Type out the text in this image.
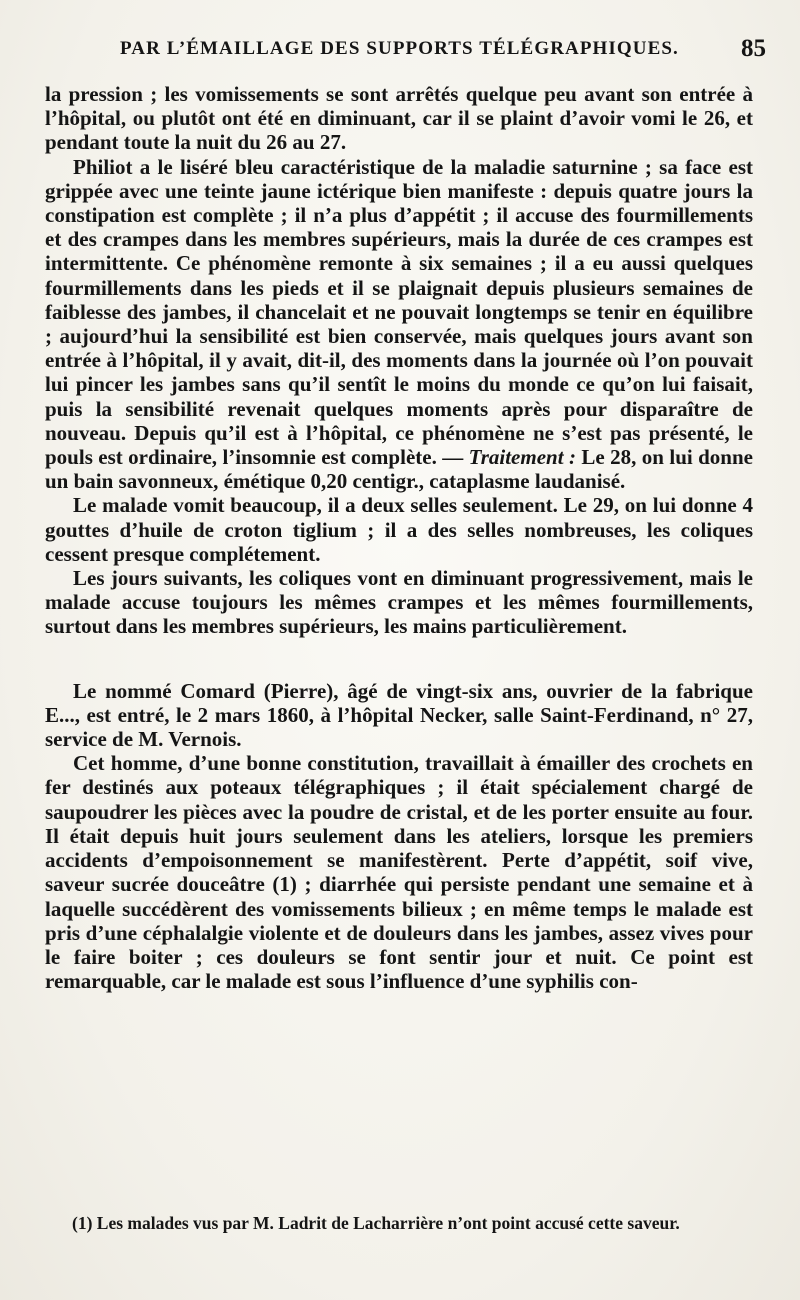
PAR L’ÉMAILLAGE DES SUPPORTS TÉLÉGRAPHIQUES. 85

la pression ; les vomissements se sont arrêtés quelque peu avant son entrée à l’hôpital, ou plutôt ont été en diminuant, car il se plaint d’avoir vomi le 26, et pendant toute la nuit du 26 au 27.

Philiot a le liséré bleu caractéristique de la maladie saturnine ; sa face est grippée avec une teinte jaune ictérique bien manifeste : depuis quatre jours la constipation est complète ; il n’a plus d’appétit ; il accuse des fourmillements et des crampes dans les membres supérieurs, mais la durée de ces crampes est intermittente. Ce phénomène remonte à six semaines ; il a eu aussi quelques fourmillements dans les pieds et il se plaignait depuis plusieurs semaines de faiblesse des jambes, il chancelait et ne pouvait longtemps se tenir en équilibre ; aujourd’hui la sensibilité est bien conservée, mais quelques jours avant son entrée à l’hôpital, il y avait, dit-il, des moments dans la journée où l’on pouvait lui pincer les jambes sans qu’il sentît le moins du monde ce qu’on lui faisait, puis la sensibilité revenait quelques moments après pour disparaître de nouveau. Depuis qu’il est à l’hôpital, ce phénomène ne s’est pas présenté, le pouls est ordinaire, l’insomnie est complète. — Traitement : Le 28, on lui donne un bain savonneux, émétique 0,20 centigr., cataplasme laudanisé.

Le malade vomit beaucoup, il a deux selles seulement. Le 29, on lui donne 4 gouttes d’huile de croton tiglium ; il a des selles nombreuses, les coliques cessent presque complétement.

Les jours suivants, les coliques vont en diminuant progressivement, mais le malade accuse toujours les mêmes crampes et les mêmes fourmillements, surtout dans les membres supérieurs, les mains particulièrement.

Le nommé Comard (Pierre), âgé de vingt-six ans, ouvrier de la fabrique E..., est entré, le 2 mars 1860, à l’hôpital Necker, salle Saint-Ferdinand, n° 27, service de M. Vernois.

Cet homme, d’une bonne constitution, travaillait à émailler des crochets en fer destinés aux poteaux télégraphiques ; il était spécialement chargé de saupoudrer les pièces avec la poudre de cristal, et de les porter ensuite au four. Il était depuis huit jours seulement dans les ateliers, lorsque les premiers accidents d’empoisonnement se manifestèrent. Perte d’appétit, soif vive, saveur sucrée douceâtre (1) ; diarrhée qui persiste pendant une semaine et à laquelle succédèrent des vomissements bilieux ; en même temps le malade est pris d’une céphalalgie violente et de douleurs dans les jambes, assez vives pour le faire boiter ; ces douleurs se font sentir jour et nuit. Ce point est remarquable, car le malade est sous l’influence d’une syphilis con-

(1) Les malades vus par M. Ladrit de Lacharrière n’ont point accusé cette saveur.
